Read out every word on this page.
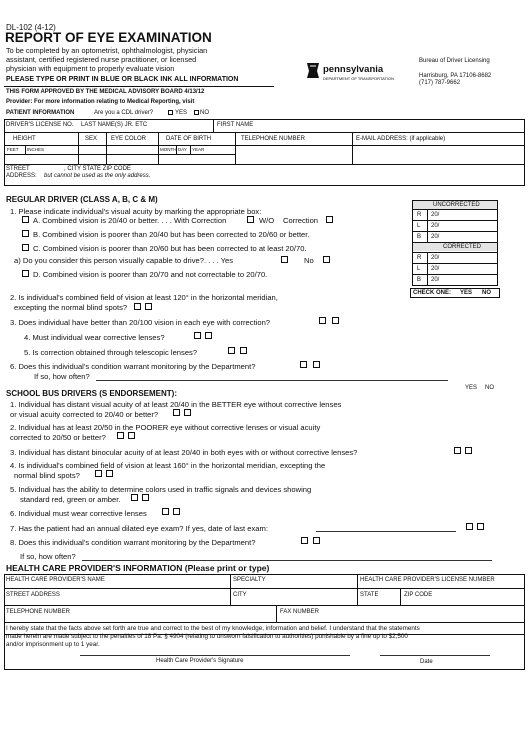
DL-102 (4-12)
REPORT OF EYE EXAMINATION
To be completed by an optometrist, ophthalmologist, physician
assistant, certified registered nurse practitioner, or licensed
physician with equipment to properly evaluate vision
PLEASE TYPE OR PRINT IN BLUE OR BLACK INK ALL INFORMATION
pennsylvania
DEPARTMENT OF TRANSPORTATION
Bureau of Driver Licensing
Harrisburg, PA 17106-8682
(717) 787-9662
THIS FORM APPROVED BY THE MEDICAL ADVISORY BOARD 4/13/12
Provider: For more information relating to Medical Reporting, visit
PATIENT INFORMATION	Are you a CDL driver?	YES NO
DRIVER'S LICENSE NO. LAST NAME(S) JR. ETC	FIRST NAME
HEIGHT	SEX EYE COLOR	DATE OF BIRTH	TELEPHONE NUMBER	E-MAIL ADDRESS: (if applicable)
FEET INCHES	MONTH DAY YEAR
STREET
ADDRESS:
, CITY STATE ZIP CODE
but cannot be used as the only address.
REGULAR DRIVER (CLASS A, B, C & M)
1. Please indicate individual's visual acuity by marking the appropriate box:
A. Combined vision is 20/40 or better. . . . With Correction	W/O Correction
B. Combined vision is poorer than 20/40 but has been corrected to 20/60 or better.
C. Combined vision is poorer than 20/60 but has been corrected to at least 20/70.
a) Do you consider this person visually capable to drive?. . . . Yes	No
D. Combined vision is poorer than 20/70 and not correctable to 20/70.
UNCORRECTED
CORRECTED
R 20/
L 20/
B 20/
R 20/
L 20/
B 20/
CHECK ONE: YES NO
2. Is individual's combined field of vision at least 120° in the horizontal meridian,
excepting the normal blind spots?
3. Does individual have better than 20/100 vision in each eye with correction?
4. Must individual wear corrective lenses?
5. Is correction obtained through telescopic lenses?
6. Does this individual's condition warrant monitoring by the Department?
If so, how often?
YES NO
SCHOOL BUS DRIVERS (S ENDORSEMENT):
1. Individual has distant visual acuity of at least 20/40 in the BETTER eye without corrective lenses
or visual acuity corrected to 20/40 or better?
2. Individual has at least 20/50 in the POORER eye without corrective lenses or visual acuity
corrected to 20/50 or better?
3. Individual has distant binocular acuity of at least 20/40 in both eyes with or without corrective lenses?
4. Is individual's combined field of vision at least 160° in the horizontal meridian, excepting the
normal blind spots?
5. Individual has the ability to determine colors used in traffic signals and devices showing
standard red, green or amber.
6. Individual must wear corrective lenses
7. Has the patient had an annual dilated eye exam? If yes, date of last exam:
8. Does this individual's condition warrant monitoring by the Department?
If so, how often?
HEALTH CARE PROVIDER'S INFORMATION (Please print or type)
HEALTH CARE PROVIDER'S NAME	SPECIALTY	HEALTH CARE PROVIDER'S LICENSE NUMBER
STREET ADDRESS	CITY	STATE	ZIP CODE
TELEPHONE NUMBER	FAX NUMBER
I hereby state that the facts above set forth are true and correct to the best of my knowledge, information and belief. I understand that the statements
made herein are made subject to the penalties of 18 Pa. § 4904 (relating to unsworn falsification to authorities) punishable by a fine up to $2,500
and/or imprisonment up to 1 year.
Health Care Provider's Signature	Date
